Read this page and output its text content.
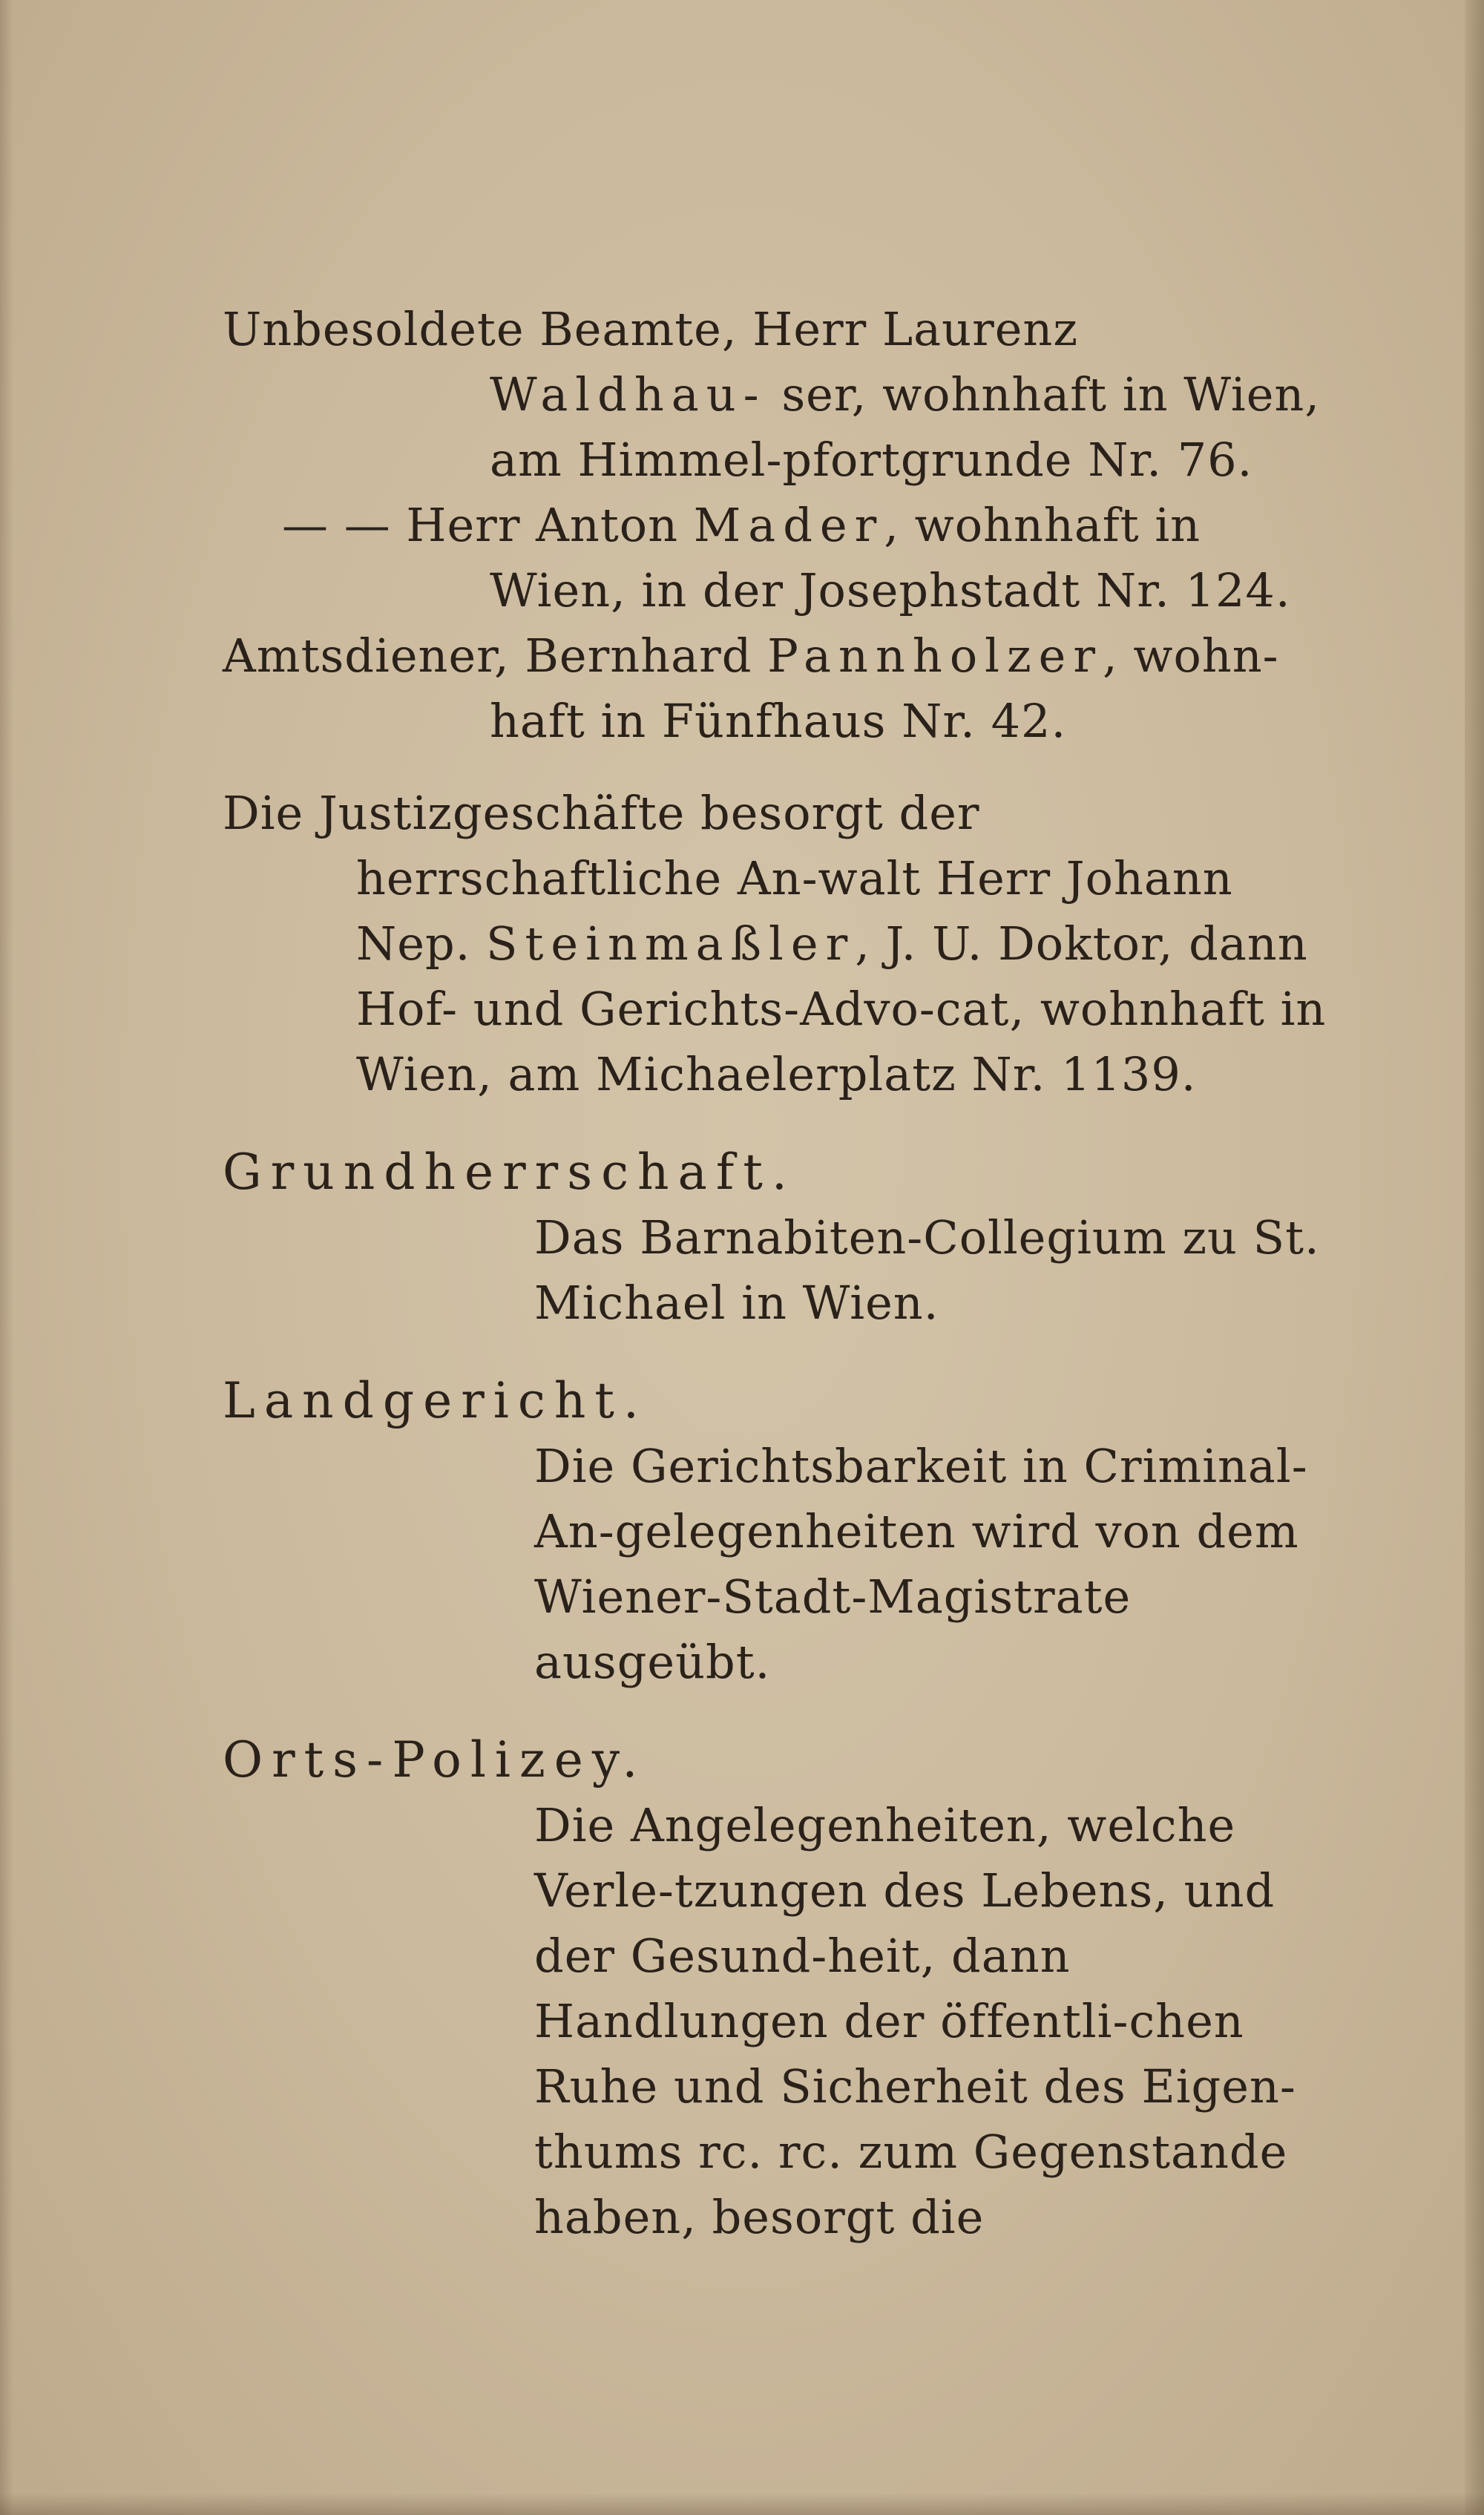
Unbesoldete Beamte, Herr Laurenz Waldhau- ser, wohnhaft in Wien, am Himmel-pfortgrunde Nr. 76.

— — Herr Anton Mader, wohnhaft in Wien, in der Josephstadt Nr. 124.

Amtsdiener, Bernhard Pannholzer, wohn-haft in Fünfhaus Nr. 42.

Die Justizgeschäfte besorgt der herrschaftliche An-walt Herr Johann Nep. Steinmaßler, J. U. Doktor, dann Hof- und Gerichts-Advo-cat, wohnhaft in Wien, am Michaelerplatz Nr. 1139.

Grundherrschaft.

Das Barnabiten-Collegium zu St. Michael in Wien.

Landgericht.

Die Gerichtsbarkeit in Criminal-An-gelegenheiten wird von dem Wiener-Stadt-Magistrate ausgeübt.

Orts-Polizey.

Die Angelegenheiten, welche Verle-tzungen des Lebens, und der Gesund-heit, dann Handlungen der öffentli-chen Ruhe und Sicherheit des Eigen-thums rc. rc. zum Gegenstande haben, besorgt die
